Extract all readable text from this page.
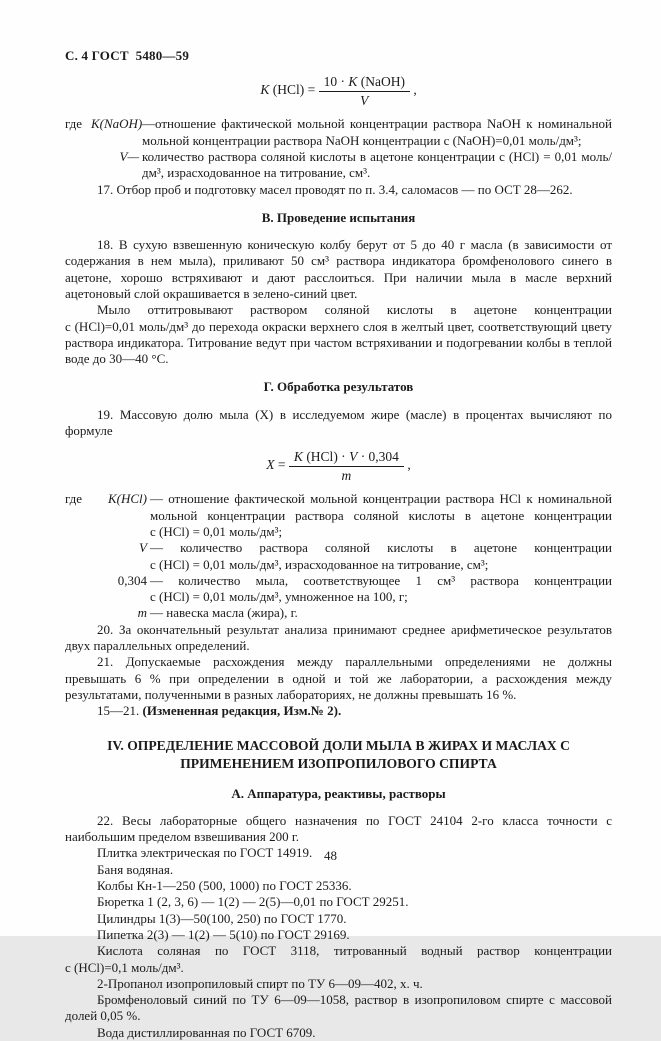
С. 4 ГОСТ  5480—59

K $(HCl) = \frac{\text{10 · K (NaOH)}}{V}$ ,
где К(NaOH) —отношение фактической мольной концентрации раствора NaOH к номинальной мольной концентрации раствора NaOH концентрации с (NaOH)=0,01 моль/дм³;
V— количество раствора соляной кислоты в ацетоне концентрации с (HCl) = 0,01 моль/дм³, израсходованное на титрование, см³.

17. Отбор проб и подготовку масел проводят по п. 3.4, саломасов — по ОСТ 28—262.

В. Проведение испытания

18. В сухую взвешенную коническую колбу берут от 5 до 40 г масла (в зависимости от содержания в нем мыла), приливают 50 см³ раствора индикатора бромфенолового синего в ацетоне, хорошо встряхивают и дают расслоиться. При наличии мыла в масле верхний ацетоновый слой окрашивается в зелено-синий цвет.

Мыло оттитровывают раствором соляной кислоты в ацетоне концентрации с (HCl)=0,01 моль/дм³ до перехода окраски верхнего слоя в желтый цвет, соответствующий цвету раствора индикатора. Титрование ведут при частом встряхивании и подогревании колбы в теплой воде до 30—40 °С.

Г. Обработка результатов

19. Массовую долю мыла (X) в исследуемом жире (масле) в процентах вычисляют по формуле

$X = \frac{\text{K (HCl) · V · 0,304}}{m}$ ,
где	К(HCl) — отношение фактической мольной концентрации раствора HCl к номинальной мольной концентрации раствора соляной кислоты в ацетоне концентрации с (HCl) = 0,01 моль/дм³;
V — количество раствора соляной кислоты в ацетоне концентрации с (HCl) = 0,01 моль/дм³, израсходованное на титрование, см³;
0,304 — количество мыла, соответствующее 1 см³ раствора концентрации с (HCl) = 0,01 моль/дм³, умноженное на 100, г;
m — навеска масла (жира), г.

20. За окончательный результат анализа принимают среднее арифметическое результатов двух параллельных определений.

21. Допускаемые расхождения между параллельными определениями не должны превышать 6 % при определении в одной и той же лаборатории, а расхождения между результатами, полученными в разных лабораториях, не должны превышать 16 %.

15—21. (Измененная редакция, Изм.№ 2).

IV. ОПРЕДЕЛЕНИЕ МАССОВОЙ ДОЛИ МЫЛА В ЖИРАХ И МАСЛАХ С ПРИМЕНЕНИЕМ ИЗОПРОПИЛОВОГО СПИРТА

А. Аппаратура, реактивы, растворы

22. Весы лабораторные общего назначения по ГОСТ 24104 2-го класса точности с наибольшим пределом взвешивания 200 г.

Плитка электрическая по ГОСТ 14919.

Баня водяная.

Колбы Кн-1—250 (500, 1000) по ГОСТ 25336.

Бюретка 1 (2, 3, 6) — 1(2) — 2(5)—0,01 по ГОСТ 29251.

Цилиндры 1(3)—50(100, 250) по ГОСТ 1770.

Пипетка 2(3) — 1(2) — 5(10) по ГОСТ 29169.

Кислота соляная по ГОСТ 3118, титрованный водный раствор концентрации с (HCl)=0,1 моль/дм³.

2-Пропанол изопропиловый спирт по ТУ 6—09—402, х. ч.

Бромфеноловый синий по ТУ 6—09—1058, раствор в изопропиловом спирте с массовой долей 0,05 %.

Вода дистиллированная по ГОСТ 6709.

48
